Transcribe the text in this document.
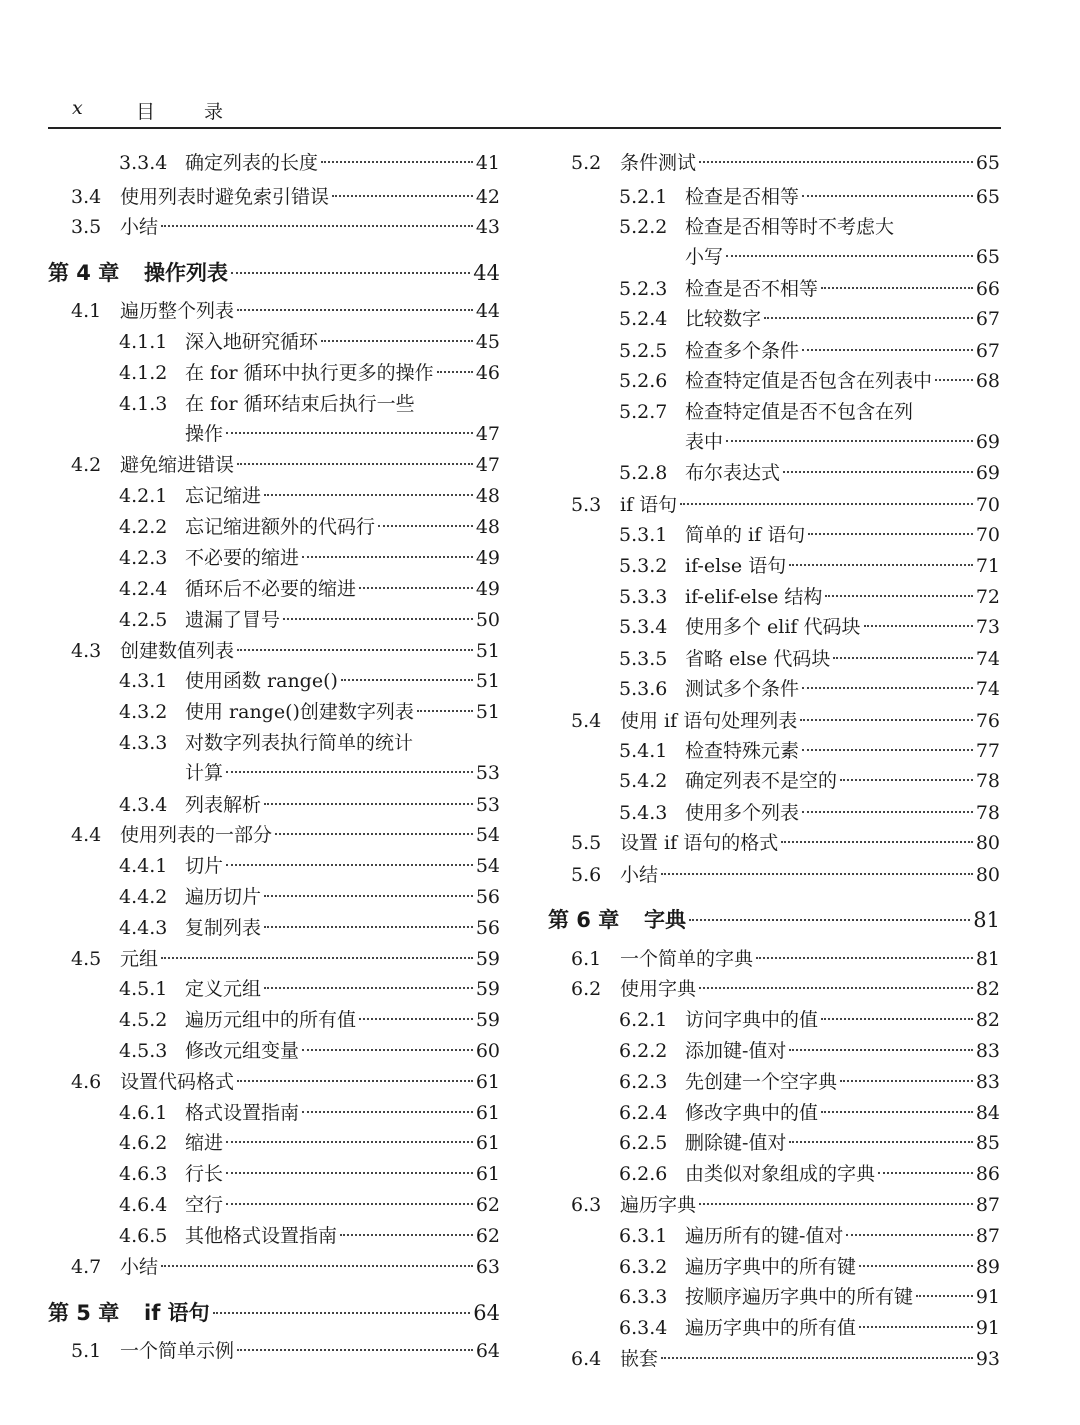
x	目	录
3.3.4 确定列表的长度	41
3.4 使用列表时避免索引错误	42
3.5 小结	43
第 4 章 操作列表	44
4.1 遍历整个列表	44
4.1.1 深入地研究循环	45
4.1.2 在 for 循环中执行更多的操作 46
4.1.3 在 for 循环结束后执行一些
操作	47
4.2 避免缩进错误	47
4.2.1 忘记缩进	48
4.2.2 忘记缩进额外的代码行	48
4.2.3 不必要的缩进	49
4.2.4 循环后不必要的缩进	49
4.2.5 遗漏了冒号	50
4.3 创建数值列表	51
4.3.1 使用函数 range()	51
4.3.2 使用 range()创建数字列表	51
4.3.3 对数字列表执行简单的统计
计算	53
4.3.4 列表解析	53
4.4 使用列表的一部分	54
4.4.1 切片	54
4.4.2 遍历切片	56
4.4.3 复制列表	56
4.5 元组	59
4.5.1 定义元组	59
4.5.2 遍历元组中的所有值	59
4.5.3 修改元组变量	60
4.6 设置代码格式	61
4.6.1 格式设置指南	61
4.6.2 缩进	61
4.6.3 行长	61
4.6.4 空行	62
4.6.5 其他格式设置指南	62
4.7 小结	63
第 5 章 if 语句	64
5.1 一个简单示例	64
5.2 条件测试	65
5.2.1 检查是否相等	65
5.2.2 检查是否相等时不考虑大
小写	65
5.2.3 检查是否不相等	66
5.2.4 比较数字	67
5.2.5 检查多个条件	67
5.2.6 检查特定值是否包含在列表中 68
5.2.7 检查特定值是否不包含在列
表中	69
5.2.8 布尔表达式	69
5.3 if 语句	70
5.3.1 简单的 if 语句	70
5.3.2 if-else 语句	71
5.3.3 if-elif-else 结构	72
5.3.4 使用多个 elif 代码块	73
5.3.5 省略 else 代码块	74
5.3.6 测试多个条件	74
5.4 使用 if 语句处理列表	76
5.4.1 检查特殊元素	77
5.4.2 确定列表不是空的	78
5.4.3 使用多个列表	78
5.5 设置 if 语句的格式	80
5.6 小结	80
第 6 章 字典	81
6.1 一个简单的字典	81
6.2 使用字典	82
6.2.1 访问字典中的值	82
6.2.2 添加键-值对	83
6.2.3 先创建一个空字典	83
6.2.4 修改字典中的值	84
6.2.5 删除键-值对	85
6.2.6 由类似对象组成的字典	86
6.3 遍历字典	87
6.3.1 遍历所有的键-值对	87
6.3.2 遍历字典中的所有键	89
6.3.3 按顺序遍历字典中的所有键	91
6.3.4 遍历字典中的所有值	91
6.4 嵌套	93
